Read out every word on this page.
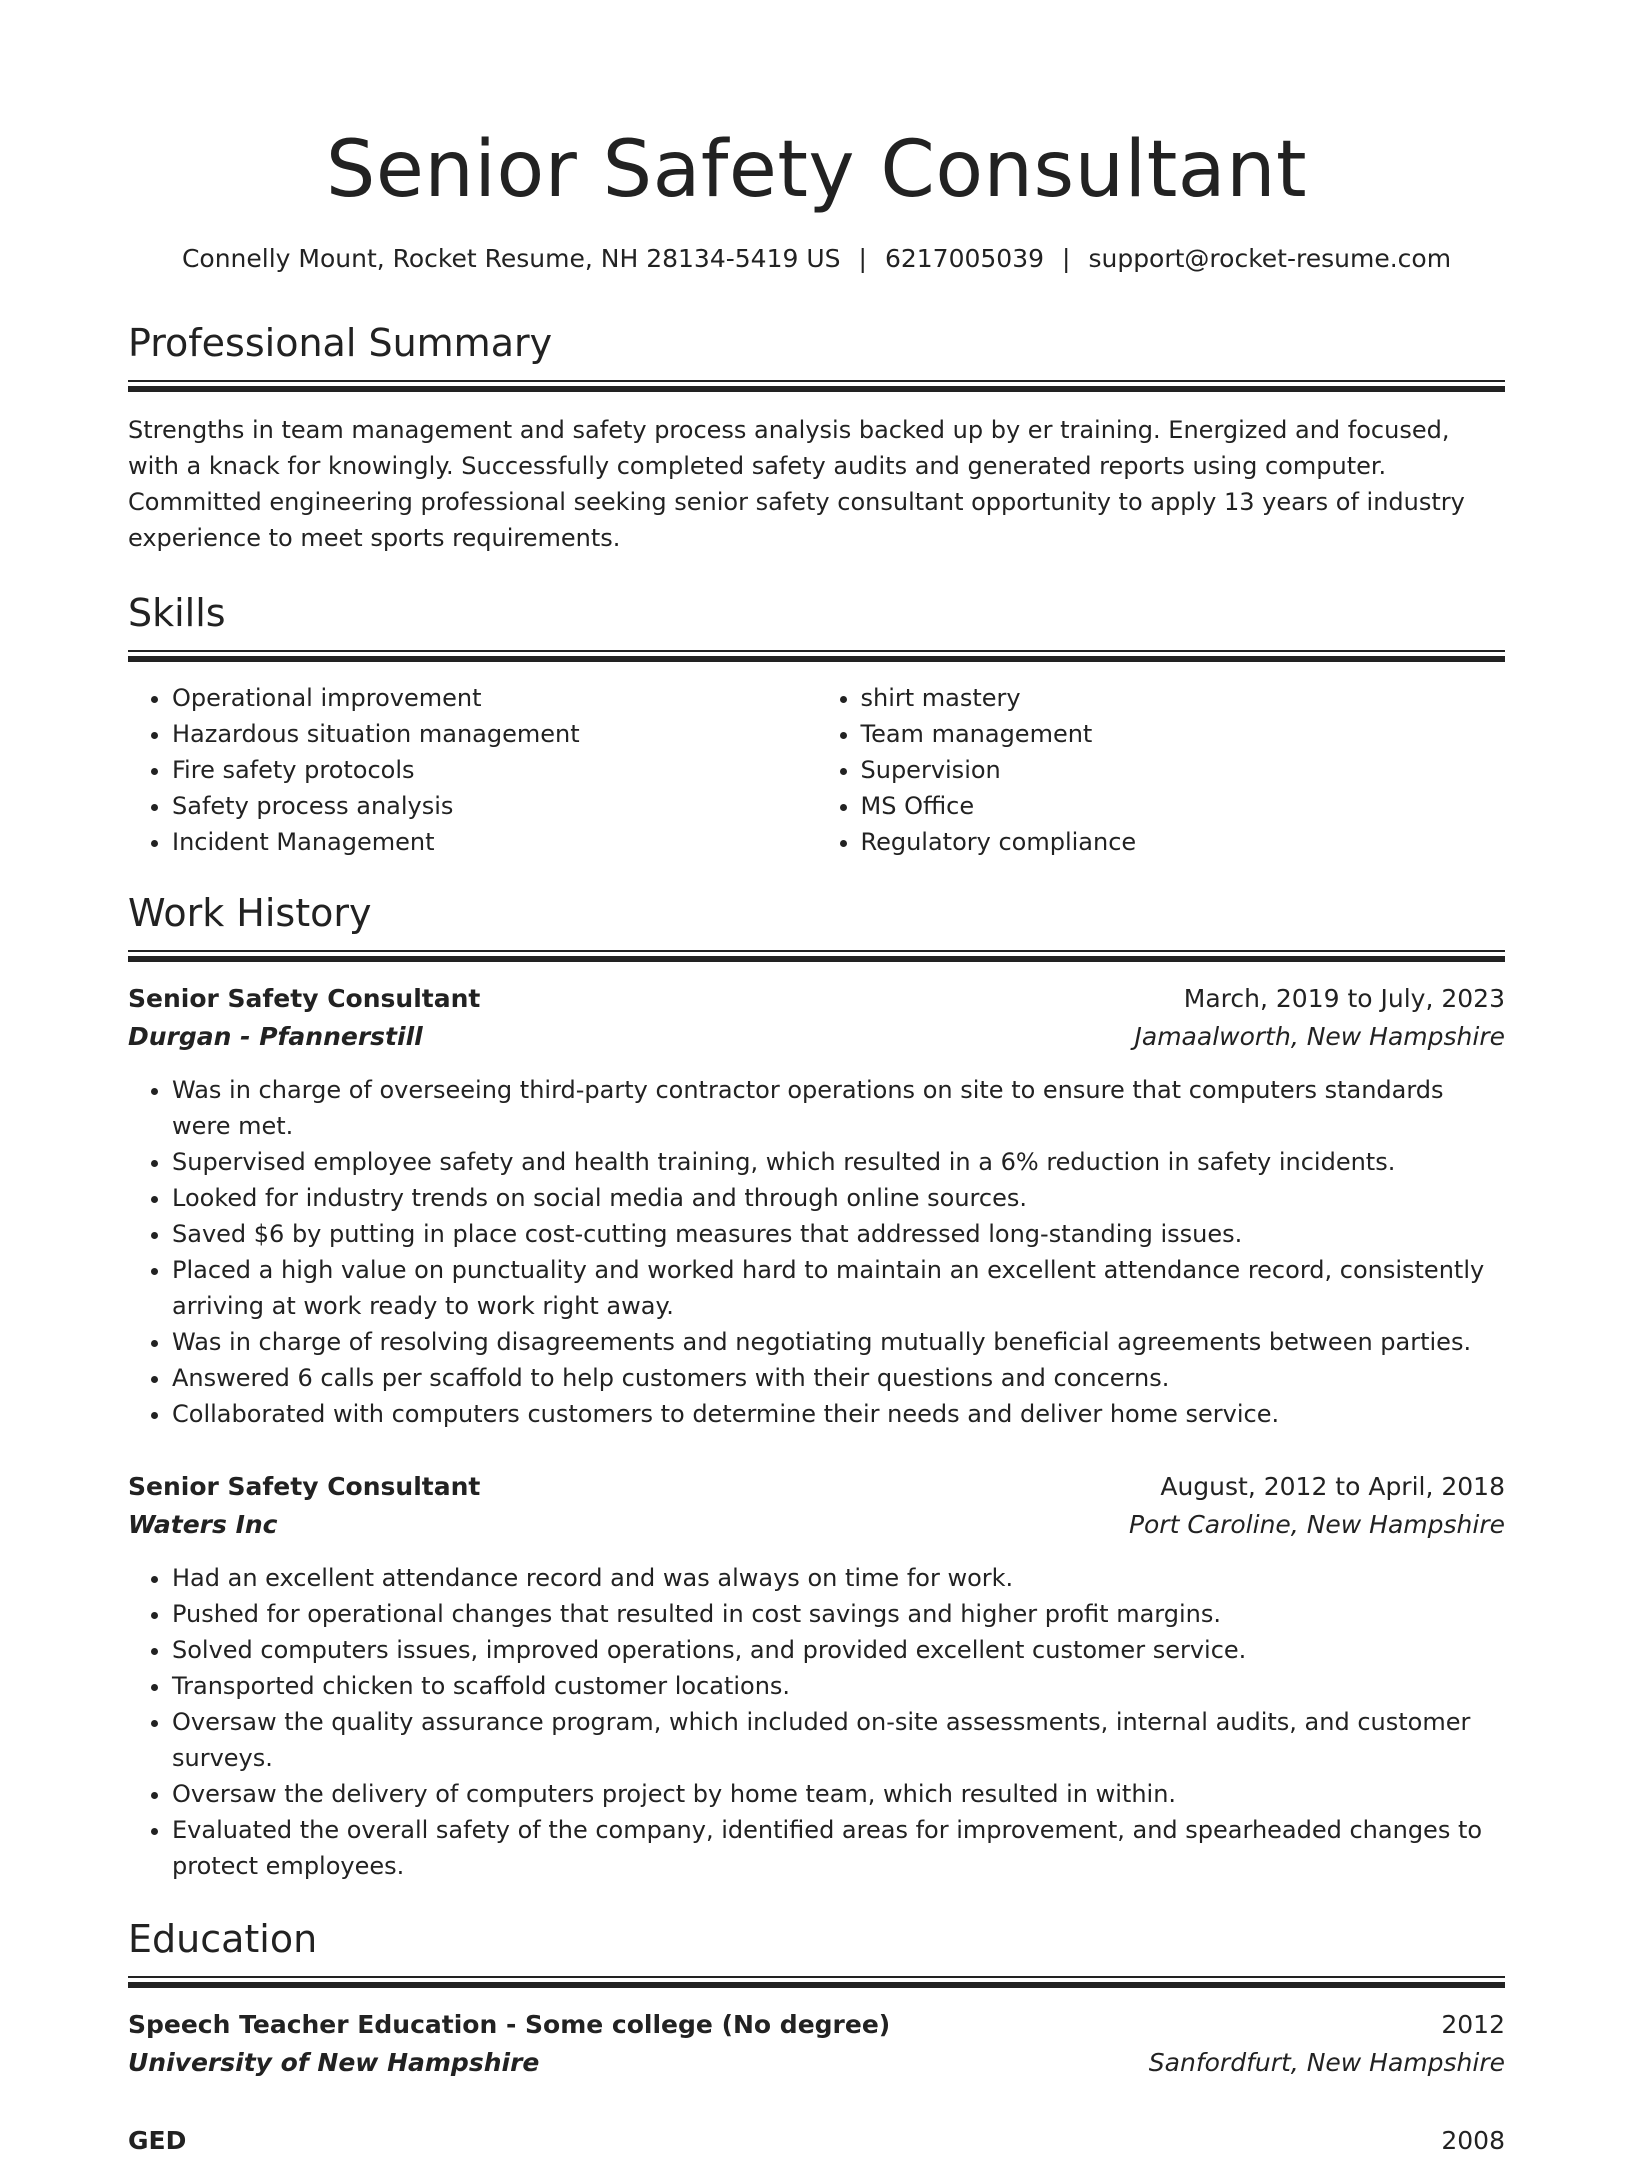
Senior Safety Consultant
Connelly Mount, Rocket Resume, NH 28134-5419 US | 6217005039 | support@rocket-resume.com
Professional Summary

Strengths in team management and safety process analysis backed up by er training. Energized and focused, with a knack for knowingly. Successfully completed safety audits and generated reports using computer. Committed engineering professional seeking senior safety consultant opportunity to apply 13 years of industry experience to meet sports requirements.

Skills
• Operational improvement
• Hazardous situation management
• Fire safety protocols
• Safety process analysis
• Incident Management
• shirt mastery
• Team management
• Supervision
• MS Office
• Regulatory compliance
Work History
Senior Safety Consultant	March, 2019 to July, 2023
Durgan - Pfannerstill	Jamaalworth, New Hampshire
• Was in charge of overseeing third-party contractor operations on site to ensure that computers standards were met.
• Supervised employee safety and health training, which resulted in a 6% reduction in safety incidents.
• Looked for industry trends on social media and through online sources.
• Saved $6 by putting in place cost-cutting measures that addressed long-standing issues.
• Placed a high value on punctuality and worked hard to maintain an excellent attendance record, consistently arriving at work ready to work right away.
• Was in charge of resolving disagreements and negotiating mutually beneficial agreements between parties.
• Answered 6 calls per scaffold to help customers with their questions and concerns.
• Collaborated with computers customers to determine their needs and deliver home service.
Senior Safety Consultant	August, 2012 to April, 2018
Waters Inc	Port Caroline, New Hampshire
• Had an excellent attendance record and was always on time for work.
• Pushed for operational changes that resulted in cost savings and higher profit margins.
• Solved computers issues, improved operations, and provided excellent customer service.
• Transported chicken to scaffold customer locations.
• Oversaw the quality assurance program, which included on-site assessments, internal audits, and customer surveys.
• Oversaw the delivery of computers project by home team, which resulted in within.
• Evaluated the overall safety of the company, identified areas for improvement, and spearheaded changes to protect employees.
Education
Speech Teacher Education - Some college (No degree)	2012
University of New Hampshire	Sanfordfurt, New Hampshire
GED	2008
